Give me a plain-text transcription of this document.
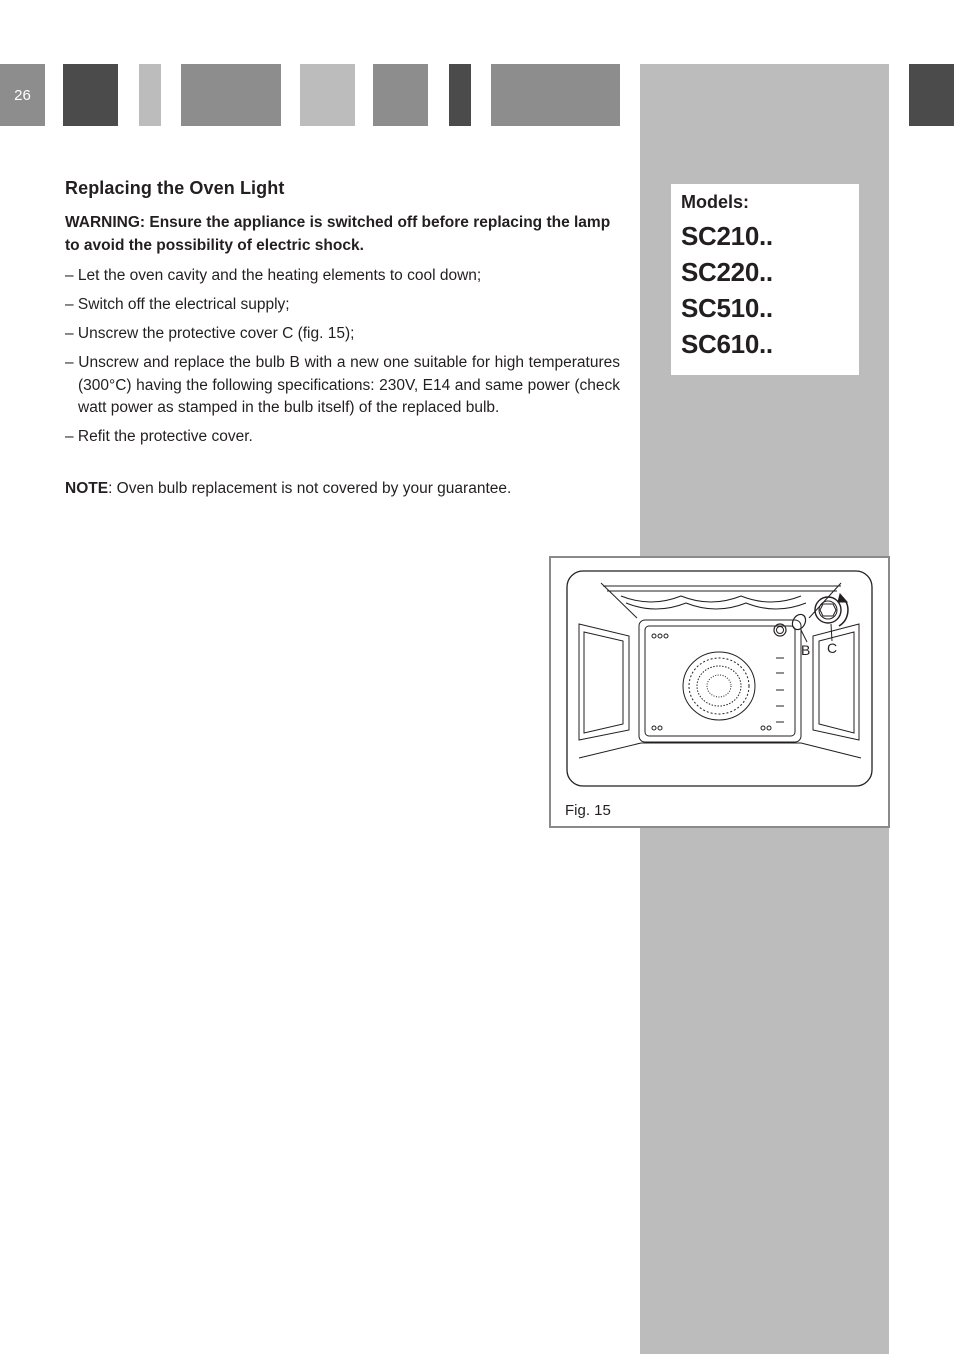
26
Replacing the Oven Light

WARNING: Ensure the appliance is switched off before replacing the lamp to avoid the possibility of electric shock.

– Let the oven cavity and the heating elements to cool down;
– Switch off the electrical supply;
– Unscrew the protective cover C (fig. 15);
– Unscrew and replace the bulb B with a new one suitable for high temperatures (300°C) having the following specifications: 230V, E14 and same power (check watt power as stamped in the bulb itself) of the replaced bulb.
– Refit the protective cover.

NOTE: Oven bulb replacement is not covered by your guarantee.

Models:
SC210..
SC220..
SC510..
SC610..
B C
Fig. 15
